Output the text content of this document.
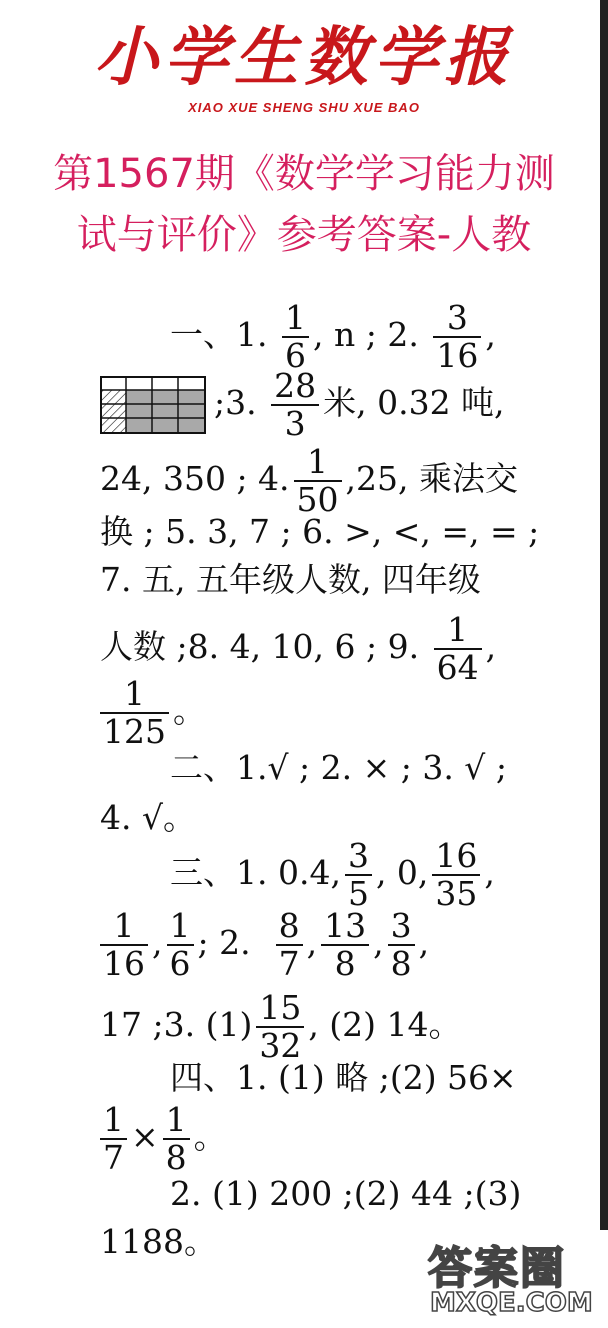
小学生数学报
XIAO XUE SHENG SHU XUE BAO
第1567期《数学学习能力测
试与评价》参考答案-人教
一、1. $\frac{1}{6}$ , n ; 2. $\frac{3}{16}$ ,
;3. $\frac{28}{3}$ 米, 0.32 吨,
24, 350 ; 4. $\frac{1}{50} ,25$, 乘法交
换 ; 5. 3, 7 ; 6. >, <, =, = ;
7. 五, 五年级人数, 四年级
人数 ;8. 4, 10, 6 ; 9. $\frac{1}{64}$ ,
$\frac{1}{125}$ 。
二、1.√ ; 2. × ; 3. √ ;
4. √。
三、1. 0.4, $\frac{3}{5}$ , 0, $\frac{16}{35}$ ,
$\frac{1}{16}$ , $\frac{1}{6}$ ; 2. $\frac{8}{7}$ , $\frac{13}{8}$ , $\frac{3}{8}$ ,
17 ;3. $(1) \frac{15}{32}$ , (2) 14。
四、1. (1) 略 ;(2) 56×
$\frac{1}{7} \times \frac{1}{8}$ 。
2. (1) 200 ;(2) 44 ;(3)
1188。
答案圈
MXQE.COM
